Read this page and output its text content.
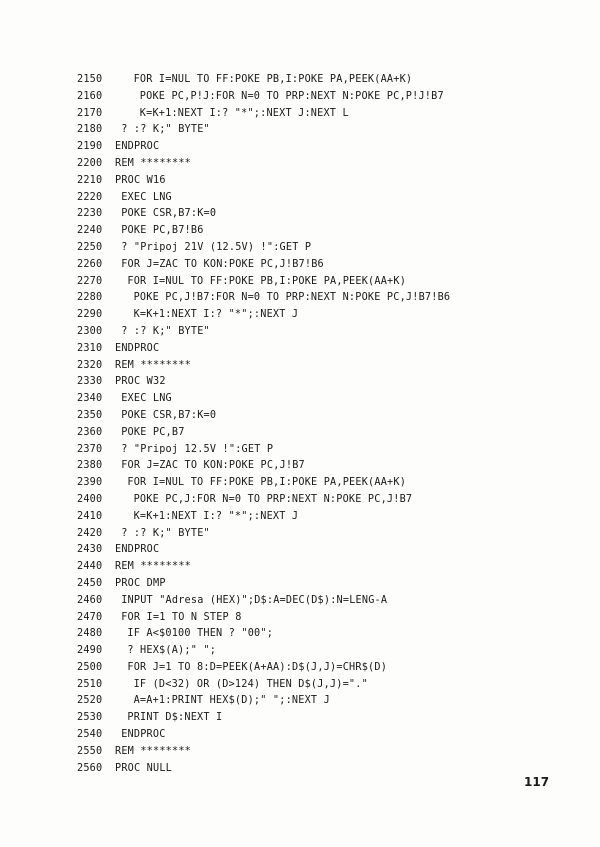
2150	FOR I=NUL TO FF:POKE PB,I:POKE PA,PEEK(AA+K)
2160	POKE PC,P!J:FOR N=0 TO PRP:NEXT N:POKE PC,P!J!B7
2170	K=K+1:NEXT I:? "*";:NEXT J:NEXT L
2180 ? :? K;" BYTE"
2190 ENDPROC
2200 REM ********
2210 PROC W16
2220 EXEC LNG
2230 POKE CSR,B7:K=0
2240 POKE PC,B7!B6
2250 ? "Pripoj 21V (12.5V) !":GET P
2260 FOR J=ZAC TO KON:POKE PC,J!B7!B6
2270 FOR I=NUL TO FF:POKE PB,I:POKE PA,PEEK(AA+K)
2280	POKE PC,J!B7:FOR N=0 TO PRP:NEXT N:POKE PC,J!B7!B6
2290	K=K+1:NEXT I:? "*";:NEXT J
2300 ? :? K;" BYTE"
2310 ENDPROC
2320 REM ********
2330 PROC W32
2340 EXEC LNG
2350 POKE CSR,B7:K=0
2360 POKE PC,B7
2370 ? "Pripoj 12.5V !":GET P
2380 FOR J=ZAC TO KON:POKE PC,J!B7
2390 FOR I=NUL TO FF:POKE PB,I:POKE PA,PEEK(AA+K)
2400	POKE PC,J:FOR N=0 TO PRP:NEXT N:POKE PC,J!B7
2410	K=K+1:NEXT I:? "*";:NEXT J
2420 ? :? K;" BYTE"
2430 ENDPROC
2440 REM ********
2450 PROC DMP
2460 INPUT "Adresa (HEX)";D$:A=DEC(D$):N=LENG-A
2470 FOR I=1 TO N STEP 8
2480 IF A<$0100 THEN ? "00";
2490 ? HEX$(A);" ";
2500 FOR J=1 TO 8:D=PEEK(A+AA):D$(J,J)=CHR$(D)
2510	IF (D<32) OR (D>124) THEN D$(J,J)="."
2520	A=A+1:PRINT HEX$(D);" ";:NEXT J
2530 PRINT D$:NEXT I
2540 ENDPROC
2550 REM ********
2560 PROC NULL
117
